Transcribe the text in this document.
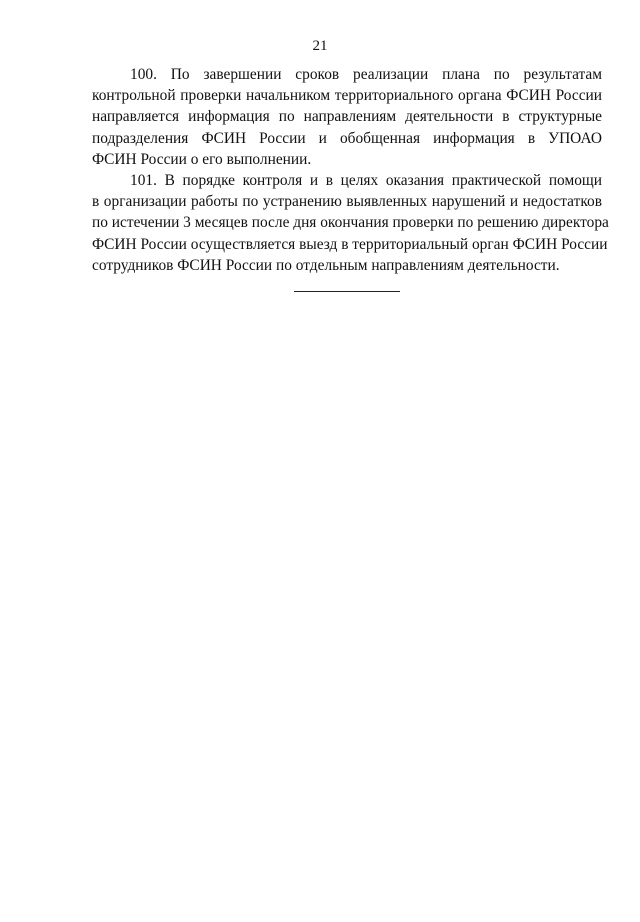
21

100. По завершении сроков реализации плана по результатам
контрольной проверки начальником территориального органа ФСИН России
направляется информация по направлениям деятельности в структурные
подразделения ФСИН России и обобщенная информация в УПОАО
ФСИН России о его выполнении.

101. В порядке контроля и в целях оказания практической помощи
в организации работы по устранению выявленных нарушений и недостатков
по истечении 3 месяцев после дня окончания проверки по решению директора
ФСИН России осуществляется выезд в территориальный орган ФСИН России
сотрудников ФСИН России по отдельным направлениям деятельности.
